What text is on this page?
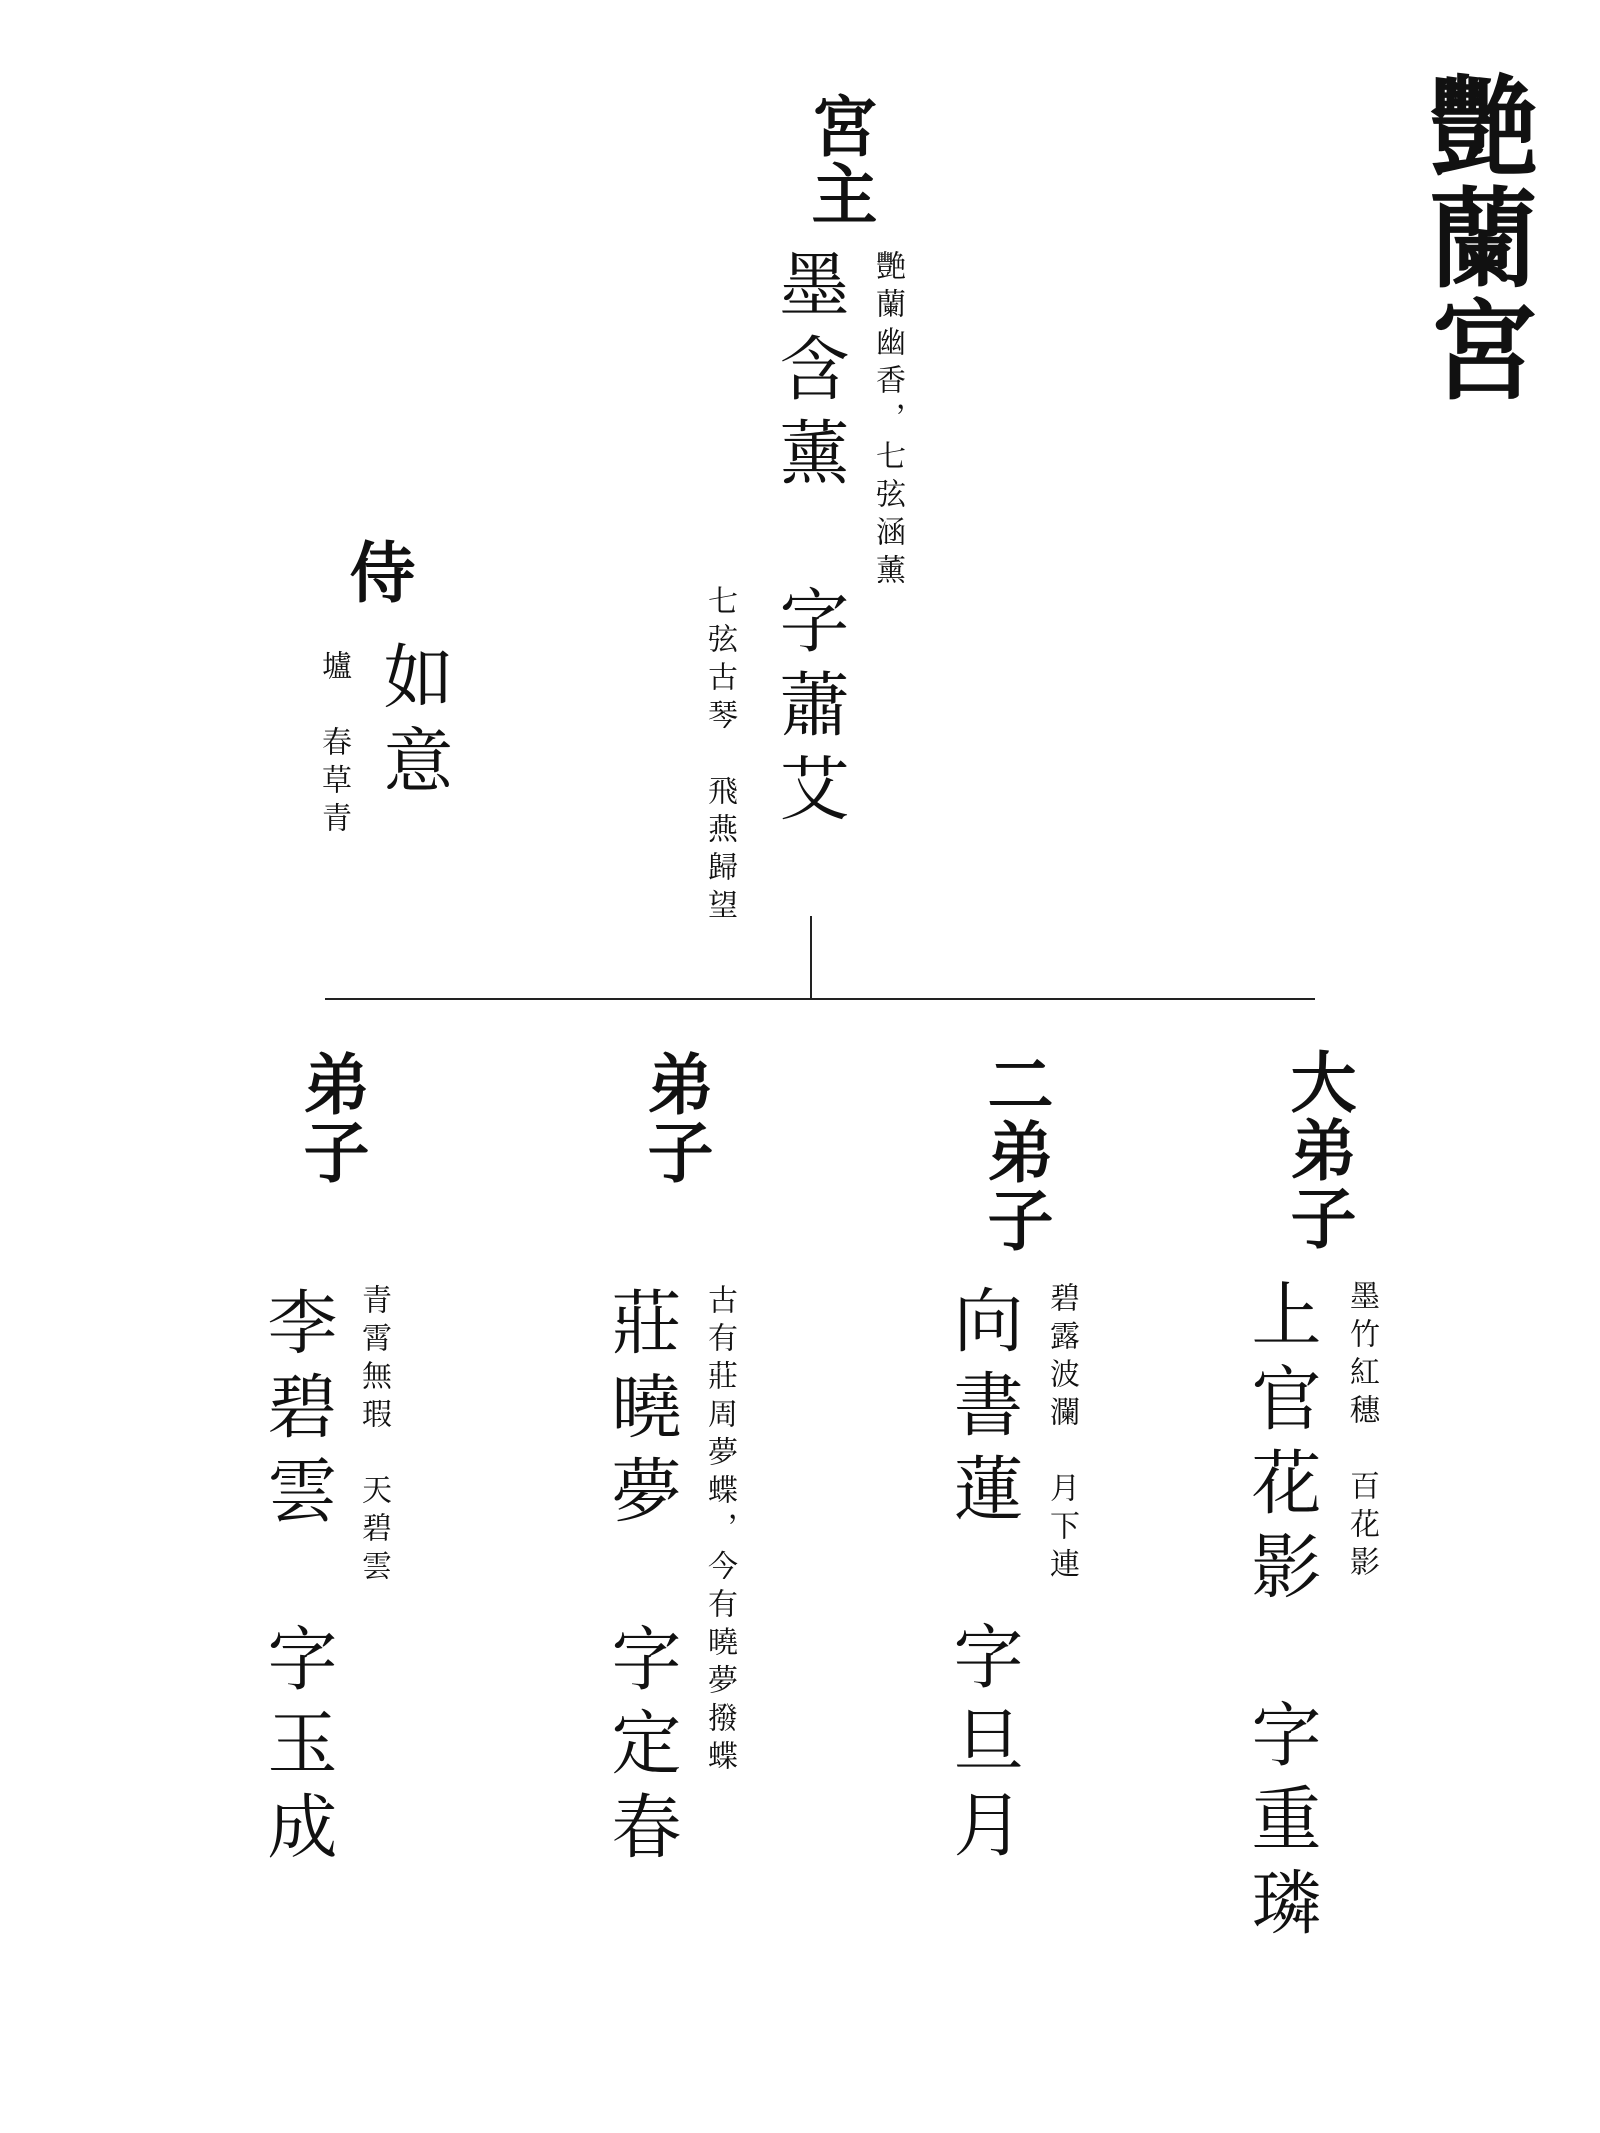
艷蘭宮
宮主
墨含薰　字蕭艾 艷蘭幽香，七弦涵薰
七弦古琴　飛燕歸望
侍
如意
壚　春草青
大弟子
上官花影　字重璘 墨竹紅穗　百花影
二弟子
向書蓮　字旦月 碧露波瀾　月下連
弟子
莊曉夢　字定春 古有莊周夢蝶，今有曉夢撥蝶
弟子
李碧雲　字玉成 青霄無瑕　天碧雲
